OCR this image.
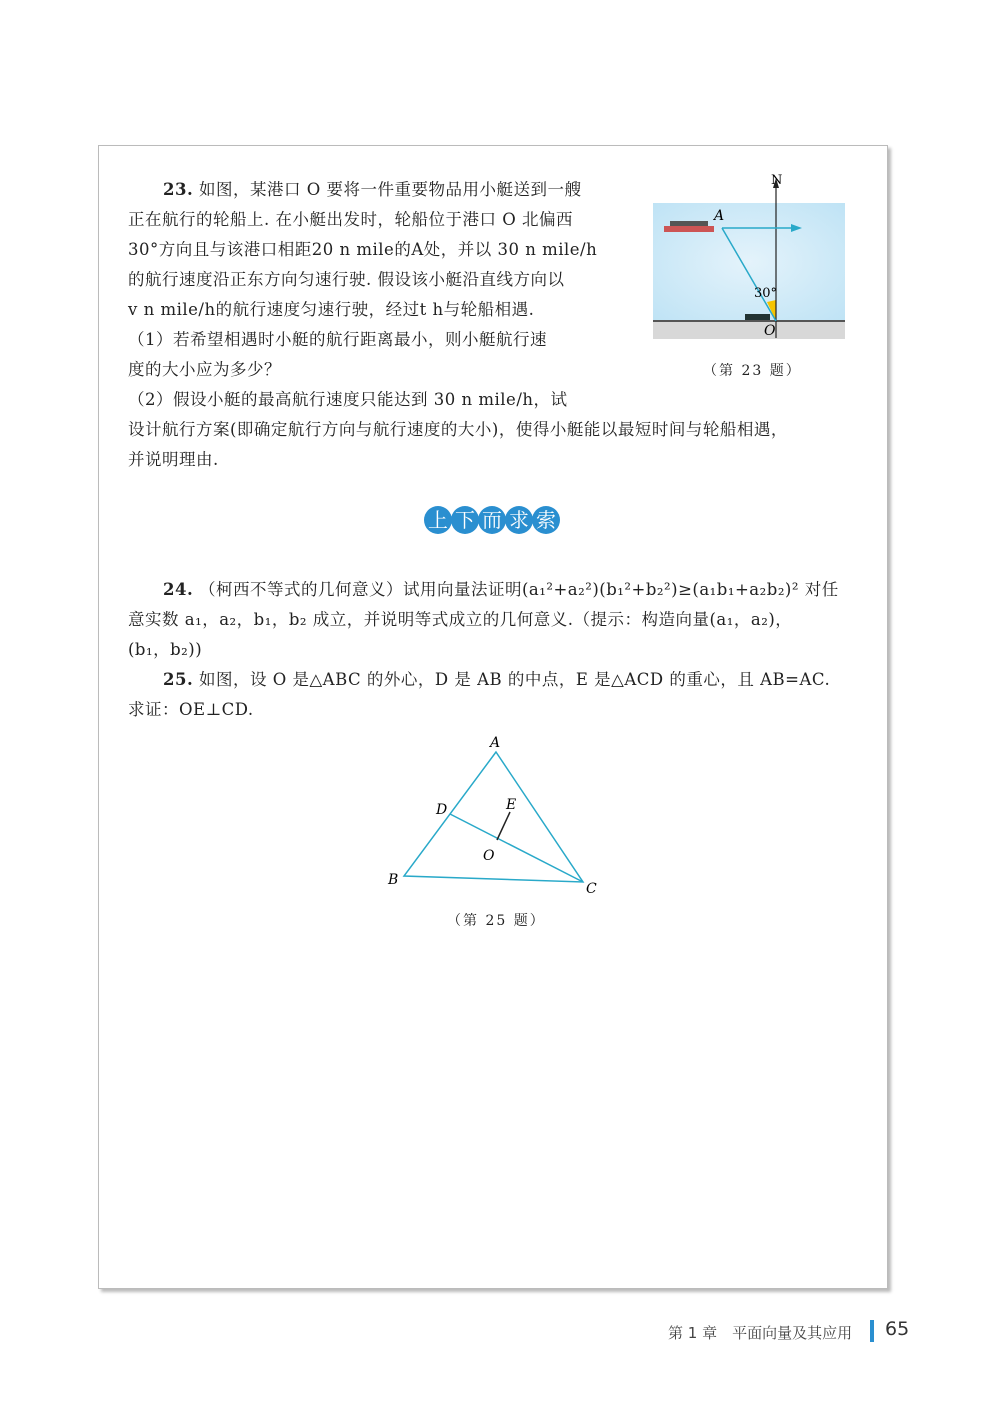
23. 如图，某港口 O 要将一件重要物品用小艇送到一艘
正在航行的轮船上. 在小艇出发时，轮船位于港口 O 北偏西
30°方向且与该港口相距20 n mile的A处，并以 30 n mile/h
的航行速度沿正东方向匀速行驶. 假设该小艇沿直线方向以
v n mile/h的航行速度匀速行驶，经过t h与轮船相遇.
（1）若希望相遇时小艇的航行距离最小，则小艇航行速
度的大小应为多少？
（2）假设小艇的最高航行速度只能达到 30 n mile/h，试
设计航行方案(即确定航行方向与航行速度的大小)，使得小艇能以最短时间与轮船相遇，
并说明理由.
N
A
30°
O
（第 23 题）
上 下 而 求 索
24. （柯西不等式的几何意义）试用向量法证明(a₁²+a₂²)(b₁²+b₂²)≥(a₁b₁+a₂b₂)² 对任
意实数 a₁，a₂，b₁，b₂ 成立，并说明等式成立的几何意义.（提示：构造向量(a₁，a₂)，
(b₁，b₂))
25. 如图，设 O 是△ABC 的外心，D 是 AB 的中点，E 是△ACD 的重心，且 AB=AC.
求证：OE⊥CD.
A
B
C
D	E
O
（第 25 题）
第 1 章　平面向量及其应用 65
